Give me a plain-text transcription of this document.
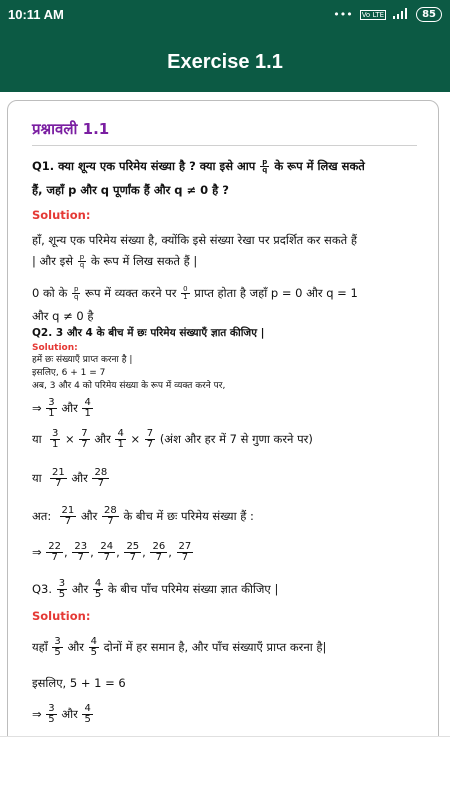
10:11 AM	••• Vo LTE	85
Exercise 1.1
प्रश्नावली 1.1
Q1. क्या शून्य एक परिमेय संख्या है ? क्या इसे आप $\frac{p}{q}$ के रूप में लिख सकते
हैं, जहाँ p और q पूर्णांक हैं और q ≠ 0 है ?
Solution:
हाँ, शून्य एक परिमेय संख्या है, क्योंकि इसे संख्या रेखा पर प्रदर्शित कर सकते हैं
| और इसे $\frac{p}{q}$ के रूप में लिख सकते हैं |
0 को के $\frac{p}{q}$ रूप में व्यक्त करने पर $\frac{0}{1}$ प्राप्त होता है जहाँ p = 0 और q = 1
और q ≠ 0 है
Q2. 3 और 4 के बीच में छः परिमेय संख्याएँ ज्ञात कीजिए |
Solution:
हमें छः संख्याएँ प्राप्त करना है |
इसलिए, 6 + 1 = 7
अब, 3 और 4 को परिमेय संख्या के रूप में व्यक्त करने पर,
⇒ $\frac{3}{1}$ और $\frac{4}{1}$
या $\frac{3}{1} \times \frac{7}{7}$ और $\frac{4}{1} \times \frac{7}{7}$ (अंश और हर में 7 से गुणा करने पर)
या $\frac{21}{7}$ और $\frac{28}{7}$
अत: $\frac{21}{7}$ और $\frac{28}{7}$ के बीच में छः परिमेय संख्या हैं :
⇒ $\frac{22}{7}$ , $\frac{23}{7}$ , $\frac{24}{7}$ , $\frac{25}{7}$ , $\frac{26}{7}$ , $\frac{27}{7}$
Q3. $\frac{3}{5}$ और $\frac{4}{5}$ के बीच पाँच परिमेय संख्या ज्ञात कीजिए |
Solution:
यहाँ $\frac{3}{5}$ और $\frac{4}{5}$ दोनों में हर समान है, और पाँच संख्याएँ प्राप्त करना है|
इसलिए, 5 + 1 = 6
⇒ $\frac{3}{5}$ और $\frac{4}{5}$
